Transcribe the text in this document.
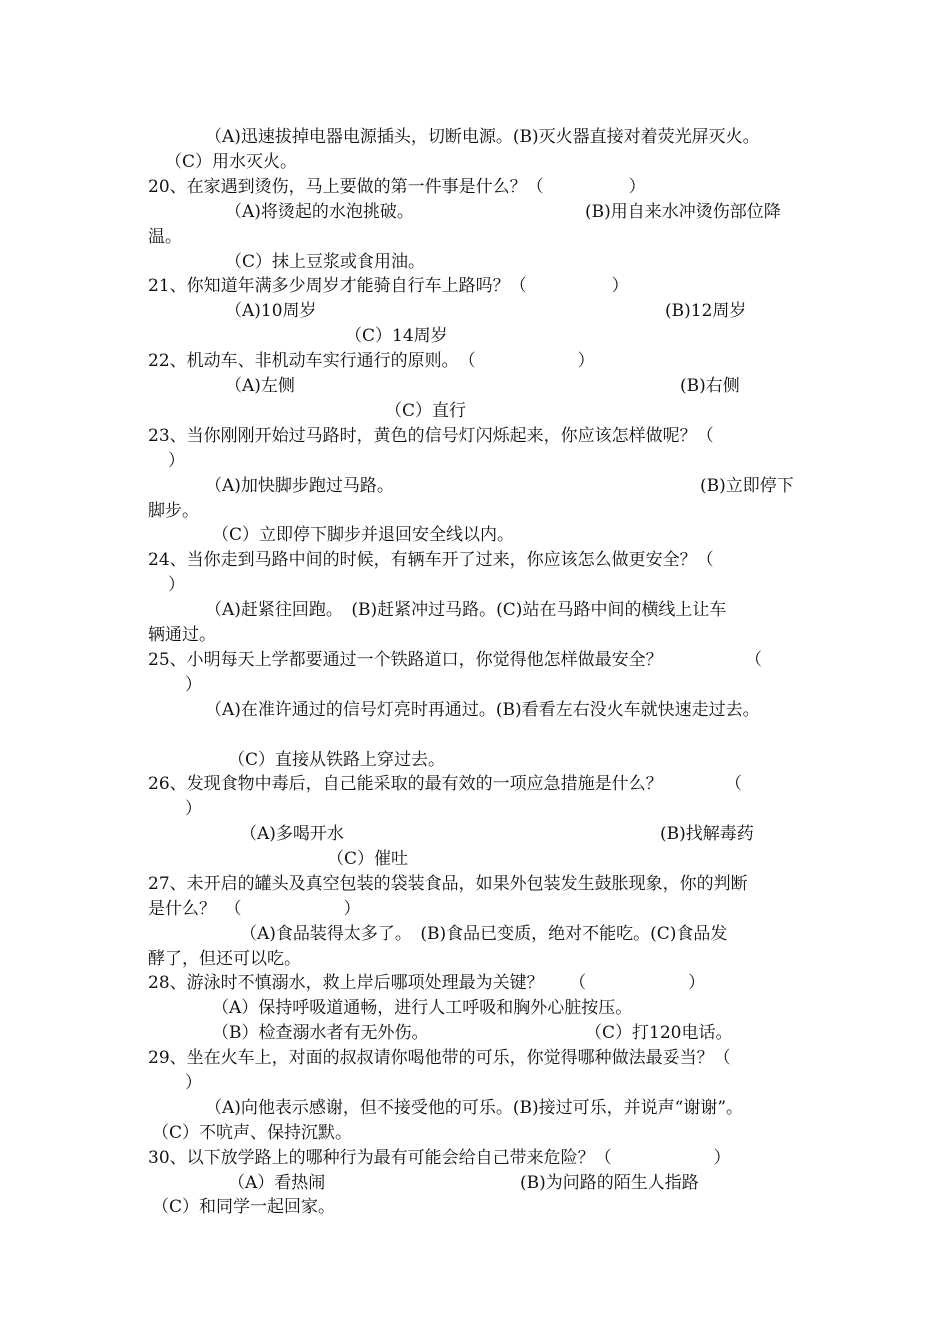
（A)迅速拔掉电器电源插头，切断电源。(B)灭火器直接对着荧光屏灭火。
（C）用水灭火。
20、在家遇到烫伤，马上要做的第一件事是什么？（　　　　　）
（A)将烫起的水泡挑破。	(B)用自来水冲烫伤部位降
温。
（C）抹上豆浆或食用油。
21、你知道年满多少周岁才能骑自行车上路吗？（　　　　　）
（A)10周岁	(B)12周岁
（C）14周岁
22、机动车、非机动车实行通行的原则。　（　　　　　　）
（A)左侧	(B)右侧
（C）直行
23、当你刚刚开始过马路时，黄色的信号灯闪烁起来，你应该怎样做呢？（
）
（A)加快脚步跑过马路。	(B)立即停下
脚步。
（C）立即停下脚步并退回安全线以内。
24、当你走到马路中间的时候，有辆车开了过来，你应该怎么做更安全？（
）
（A)赶紧往回跑。　(B)赶紧冲过马路。(C)站在马路中间的横线上让车
辆通过。
25、小明每天上学都要通过一个铁路道口，你觉得他怎样做最安全？	（
）
（A)在准许通过的信号灯亮时再通过。(B)看看左右没火车就快速走过去。
（C）直接从铁路上穿过去。
26、发现食物中毒后，自己能采取的最有效的一项应急措施是什么？	（
）
（A)多喝开水	(B)找解毒药
（C）催吐
27、未开启的罐头及真空包装的袋装食品，如果外包装发生鼓胀现象，你的判断
是什么？　（　　　　　　）
（A)食品装得太多了。　(B)食品已变质，绝对不能吃。(C)食品发
酵了，但还可以吃。
28、游泳时不慎溺水，救上岸后哪项处理最为关键？　　（　　　　　　）
（A）保持呼吸道通畅，进行人工呼吸和胸外心脏按压。
（B）检查溺水者有无外伤。	（C）打120电话。
29、坐在火车上，对面的叔叔请你喝他带的可乐，你觉得哪种做法最妥当？（
）
（A)向他表示感谢，但不接受他的可乐。(B)接过可乐，并说声“谢谢”。
（C）不吭声、保持沉默。
30、以下放学路上的哪种行为最有可能会给自己带来危险？（　　　　　　）
（A）看热闹	(B)为问路的陌生人指路
（C）和同学一起回家。
